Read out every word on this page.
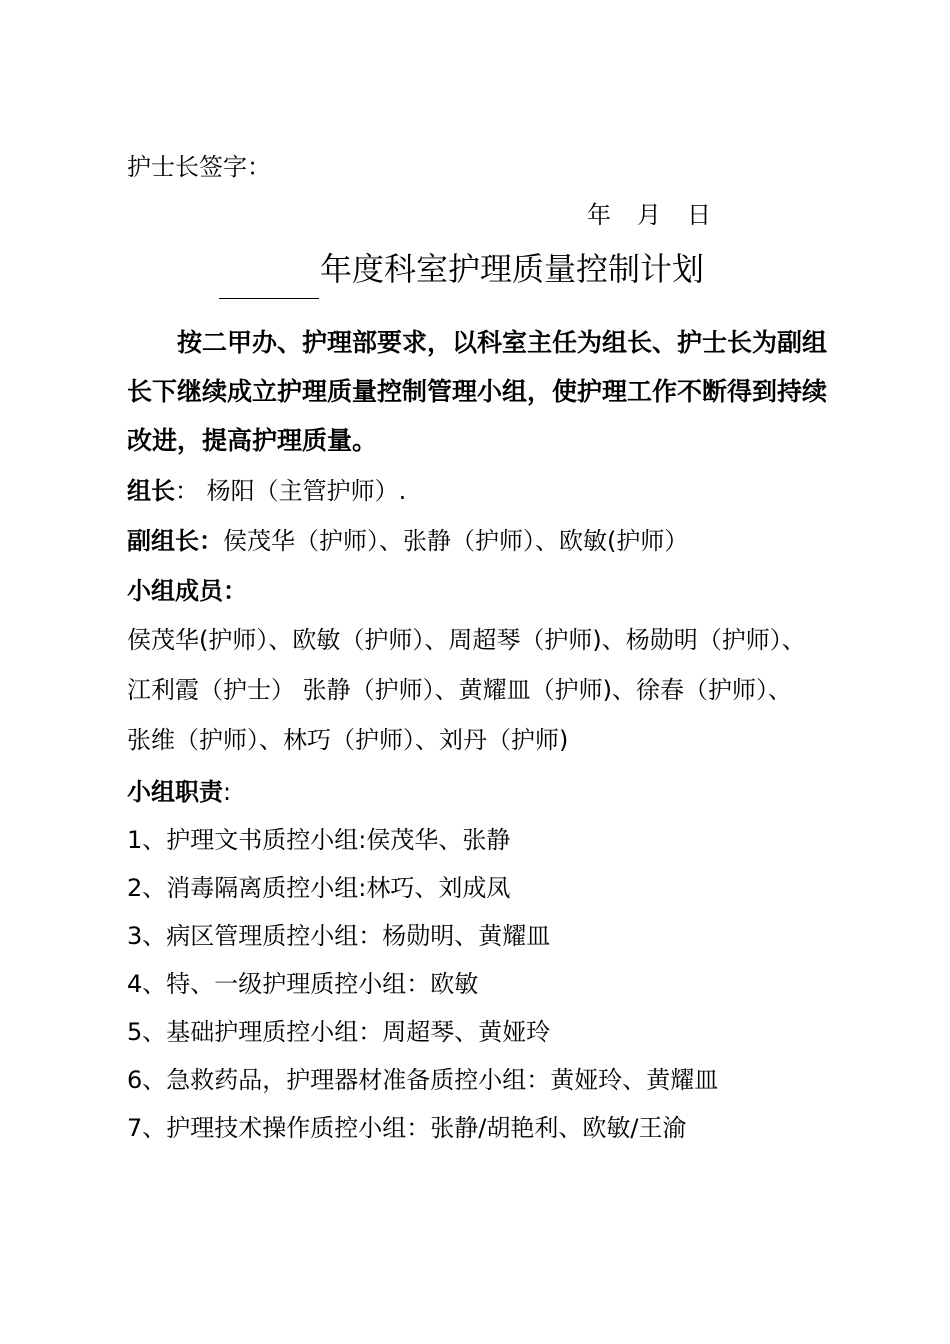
护士长签字：
年 月 日
年度科室护理质量控制计划
按二甲办、护理部要求，以科室主任为组长、护士长为副组长下继续成立护理质量控制管理小组，使护理工作不断得到持续改进，提高护理质量。
组长： 杨阳（主管护师）.
副组长：侯茂华（护师）、张静（护师）、欧敏(护师）
小组成员：
侯茂华(护师）、欧敏（护师）、周超琴（护师)、杨勋明（护师）、
江利霞（护士） 张静（护师）、黄耀皿（护师)、徐春（护师）、
张维（护师）、林巧（护师）、刘丹（护师)
小组职责:
1、护理文书质控小组:侯茂华、张静
2、消毒隔离质控小组:林巧、刘成凤
3、病区管理质控小组：杨勋明、黄耀皿
4、特、一级护理质控小组：欧敏
5、基础护理质控小组：周超琴、黄娅玲
6、急救药品，护理器材准备质控小组：黄娅玲、黄耀皿
7、护理技术操作质控小组：张静/胡艳利、欧敏/王渝
